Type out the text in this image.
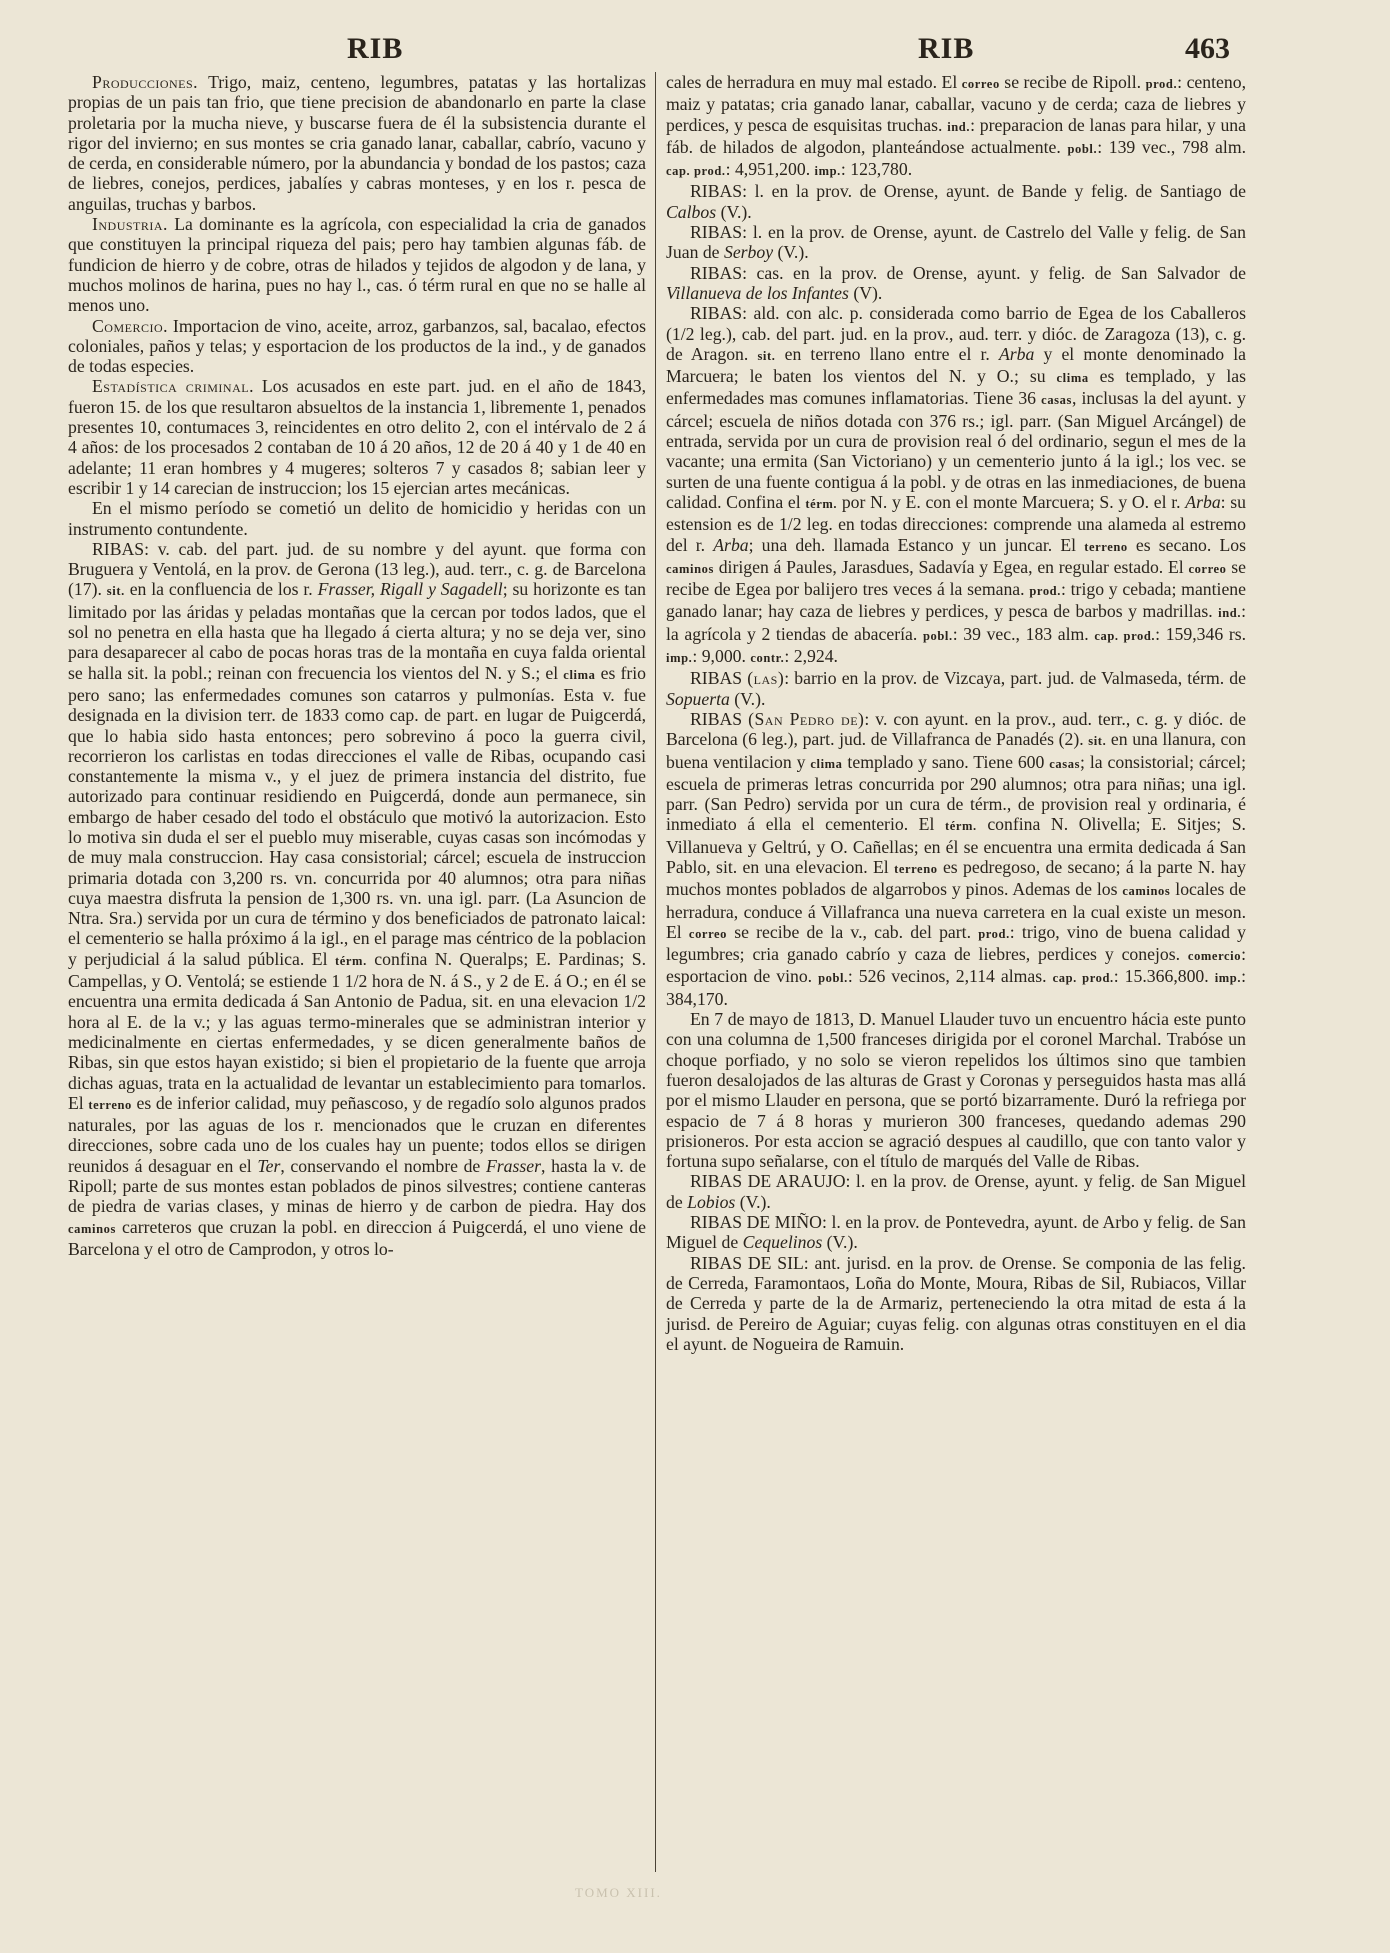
RIB	RIB	463

Producciones. Trigo, maiz, centeno, legumbres, patatas y las hortalizas propias de un pais tan frio, que tiene precision de abandonarlo en parte la clase proletaria por la mucha nieve, y buscarse fuera de él la subsistencia durante el rigor del invierno; en sus montes se cria ganado lanar, caballar, cabrío, vacuno y de cerda, en considerable número, por la abundancia y bondad de los pastos; caza de liebres, conejos, perdices, jabalíes y cabras monteses, y en los r. pesca de anguilas, truchas y barbos.

Industria. La dominante es la agrícola, con especialidad la cria de ganados que constituyen la principal riqueza del pais; pero hay tambien algunas fáb. de fundicion de hierro y de cobre, otras de hilados y tejidos de algodon y de lana, y muchos molinos de harina, pues no hay l., cas. ó térm rural en que no se halle al menos uno.

Comercio. Importacion de vino, aceite, arroz, garbanzos, sal, bacalao, efectos coloniales, paños y telas; y esportacion de los productos de la ind., y de ganados de todas especies.

Estadística criminal. Los acusados en este part. jud. en el año de 1843, fueron 15. de los que resultaron absueltos de la instancia 1, libremente 1, penados presentes 10, contumaces 3, reincidentes en otro delito 2, con el intérvalo de 2 á 4 años: de los procesados 2 contaban de 10 á 20 años, 12 de 20 á 40 y 1 de 40 en adelante; 11 eran hombres y 4 mugeres; solteros 7 y casados 8; sabian leer y escribir 1 y 14 carecian de instruccion; los 15 ejercian artes mecánicas.

En el mismo período se cometió un delito de homicidio y heridas con un instrumento contundente.

RIBAS: v. cab. del part. jud. de su nombre y del ayunt. que forma con Bruguera y Ventolá, en la prov. de Gerona (13 leg.), aud. terr., c. g. de Barcelona (17). sit. en la confluencia de los r. Frasser, Rigall y Sagadell; su horizonte es tan limitado por las áridas y peladas montañas que la cercan por todos lados, que el sol no penetra en ella hasta que ha llegado á cierta altura; y no se deja ver, sino para desaparecer al cabo de pocas horas tras de la montaña en cuya falda oriental se halla sit. la pobl.; reinan con frecuencia los vientos del N. y S.; el clima es frio pero sano; las enfermedades comunes son catarros y pulmonías. Esta v. fue designada en la division terr. de 1833 como cap. de part. en lugar de Puigcerdá, que lo habia sido hasta entonces; pero sobrevino á poco la guerra civil, recorrieron los carlistas en todas direcciones el valle de Ribas, ocupando casi constantemente la misma v., y el juez de primera instancia del distrito, fue autorizado para continuar residiendo en Puigcerdá, donde aun permanece, sin embargo de haber cesado del todo el obstáculo que motivó la autorizacion. Esto lo motiva sin duda el ser el pueblo muy miserable, cuyas casas son incómodas y de muy mala construccion. Hay casa consistorial; cárcel; escuela de instruccion primaria dotada con 3,200 rs. vn. concurrida por 40 alumnos; otra para niñas cuya maestra disfruta la pension de 1,300 rs. vn. una igl. parr. (La Asuncion de Ntra. Sra.) servida por un cura de término y dos beneficiados de patronato laical: el cementerio se halla próximo á la igl., en el parage mas céntrico de la poblacion y perjudicial á la salud pública. El térm. confina N. Queralps; E. Pardinas; S. Campellas, y O. Ventolá; se estiende 1 1/2 hora de N. á S., y 2 de E. á O.; en él se encuentra una ermita dedicada á San Antonio de Padua, sit. en una elevacion 1/2 hora al E. de la v.; y las aguas termo-minerales que se administran interior y medicinalmente en ciertas enfermedades, y se dicen generalmente baños de Ribas, sin que estos hayan existido; si bien el propietario de la fuente que arroja dichas aguas, trata en la actualidad de levantar un establecimiento para tomarlos. El terreno es de inferior calidad, muy peñascoso, y de regadío solo algunos prados naturales, por las aguas de los r. mencionados que le cruzan en diferentes direcciones, sobre cada uno de los cuales hay un puente; todos ellos se dirigen reunidos á desaguar en el Ter, conservando el nombre de Frasser, hasta la v. de Ripoll; parte de sus montes estan poblados de pinos silvestres; contiene canteras de piedra de varias clases, y minas de hierro y de carbon de piedra. Hay dos caminos carreteros que cruzan la pobl. en direccion á Puigcerdá, el uno viene de Barcelona y el otro de Camprodon, y otros lo-

cales de herradura en muy mal estado. El correo se recibe de Ripoll. prod.: centeno, maiz y patatas; cria ganado lanar, caballar, vacuno y de cerda; caza de liebres y perdices, y pesca de esquisitas truchas. ind.: preparacion de lanas para hilar, y una fáb. de hilados de algodon, planteándose actualmente. pobl.: 139 vec., 798 alm. cap. prod.: 4,951,200. imp.: 123,780.

RIBAS: l. en la prov. de Orense, ayunt. de Bande y felig. de Santiago de Calbos (V.).

RIBAS: l. en la prov. de Orense, ayunt. de Castrelo del Valle y felig. de San Juan de Serboy (V.).

RIBAS: cas. en la prov. de Orense, ayunt. y felig. de San Salvador de Villanueva de los Infantes (V).

RIBAS: ald. con alc. p. considerada como barrio de Egea de los Caballeros (1/2 leg.), cab. del part. jud. en la prov., aud. terr. y dióc. de Zaragoza (13), c. g. de Aragon. sit. en terreno llano entre el r. Arba y el monte denominado la Marcuera; le baten los vientos del N. y O.; su clima es templado, y las enfermedades mas comunes inflamatorias. Tiene 36 casas, inclusas la del ayunt. y cárcel; escuela de niños dotada con 376 rs.; igl. parr. (San Miguel Arcángel) de entrada, servida por un cura de provision real ó del ordinario, segun el mes de la vacante; una ermita (San Victoriano) y un cementerio junto á la igl.; los vec. se surten de una fuente contigua á la pobl. y de otras en las inmediaciones, de buena calidad. Confina el térm. por N. y E. con el monte Marcuera; S. y O. el r. Arba: su estension es de 1/2 leg. en todas direcciones: comprende una alameda al estremo del r. Arba; una deh. llamada Estanco y un juncar. El terreno es secano. Los caminos dirigen á Paules, Jarasdues, Sadavía y Egea, en regular estado. El correo se recibe de Egea por balijero tres veces á la semana. prod.: trigo y cebada; mantiene ganado lanar; hay caza de liebres y perdices, y pesca de barbos y madrillas. ind.: la agrícola y 2 tiendas de abacería. pobl.: 39 vec., 183 alm. cap. prod.: 159,346 rs. imp.: 9,000. contr.: 2,924.

RIBAS (las): barrio en la prov. de Vizcaya, part. jud. de Valmaseda, térm. de Sopuerta (V.).

RIBAS (San Pedro de): v. con ayunt. en la prov., aud. terr., c. g. y dióc. de Barcelona (6 leg.), part. jud. de Villafranca de Panadés (2). sit. en una llanura, con buena ventilacion y clima templado y sano. Tiene 600 casas; la consistorial; cárcel; escuela de primeras letras concurrida por 290 alumnos; otra para niñas; una igl. parr. (San Pedro) servida por un cura de térm., de provision real y ordinaria, é inmediato á ella el cementerio. El térm. confina N. Olivella; E. Sitjes; S. Villanueva y Geltrú, y O. Cañellas; en él se encuentra una ermita dedicada á San Pablo, sit. en una elevacion. El terreno es pedregoso, de secano; á la parte N. hay muchos montes poblados de algarrobos y pinos. Ademas de los caminos locales de herradura, conduce á Villafranca una nueva carretera en la cual existe un meson. El correo se recibe de la v., cab. del part. prod.: trigo, vino de buena calidad y legumbres; cria ganado cabrío y caza de liebres, perdices y conejos. comercio: esportacion de vino. pobl.: 526 vecinos, 2,114 almas. cap. prod.: 15.366,800. imp.: 384,170.

En 7 de mayo de 1813, D. Manuel Llauder tuvo un encuentro hácia este punto con una columna de 1,500 franceses dirigida por el coronel Marchal. Trabóse un choque porfiado, y no solo se vieron repelidos los últimos sino que tambien fueron desalojados de las alturas de Grast y Coronas y perseguidos hasta mas allá por el mismo Llauder en persona, que se portó bizarramente. Duró la refriega por espacio de 7 á 8 horas y murieron 300 franceses, quedando ademas 290 prisioneros. Por esta accion se agració despues al caudillo, que con tanto valor y fortuna supo señalarse, con el título de marqués del Valle de Ribas.

RIBAS DE ARAUJO: l. en la prov. de Orense, ayunt. y felig. de San Miguel de Lobios (V.).

RIBAS DE MIÑO: l. en la prov. de Pontevedra, ayunt. de Arbo y felig. de San Miguel de Cequelinos (V.).

RIBAS DE SIL: ant. jurisd. en la prov. de Orense. Se componia de las felig. de Cerreda, Faramontaos, Loña do Monte, Moura, Ribas de Sil, Rubiacos, Villar de Cerreda y parte de la de Armariz, perteneciendo la otra mitad de esta á la jurisd. de Pereiro de Aguiar; cuyas felig. con algunas otras constituyen en el dia el ayunt. de Nogueira de Ramuin.

TOMO XIII.
